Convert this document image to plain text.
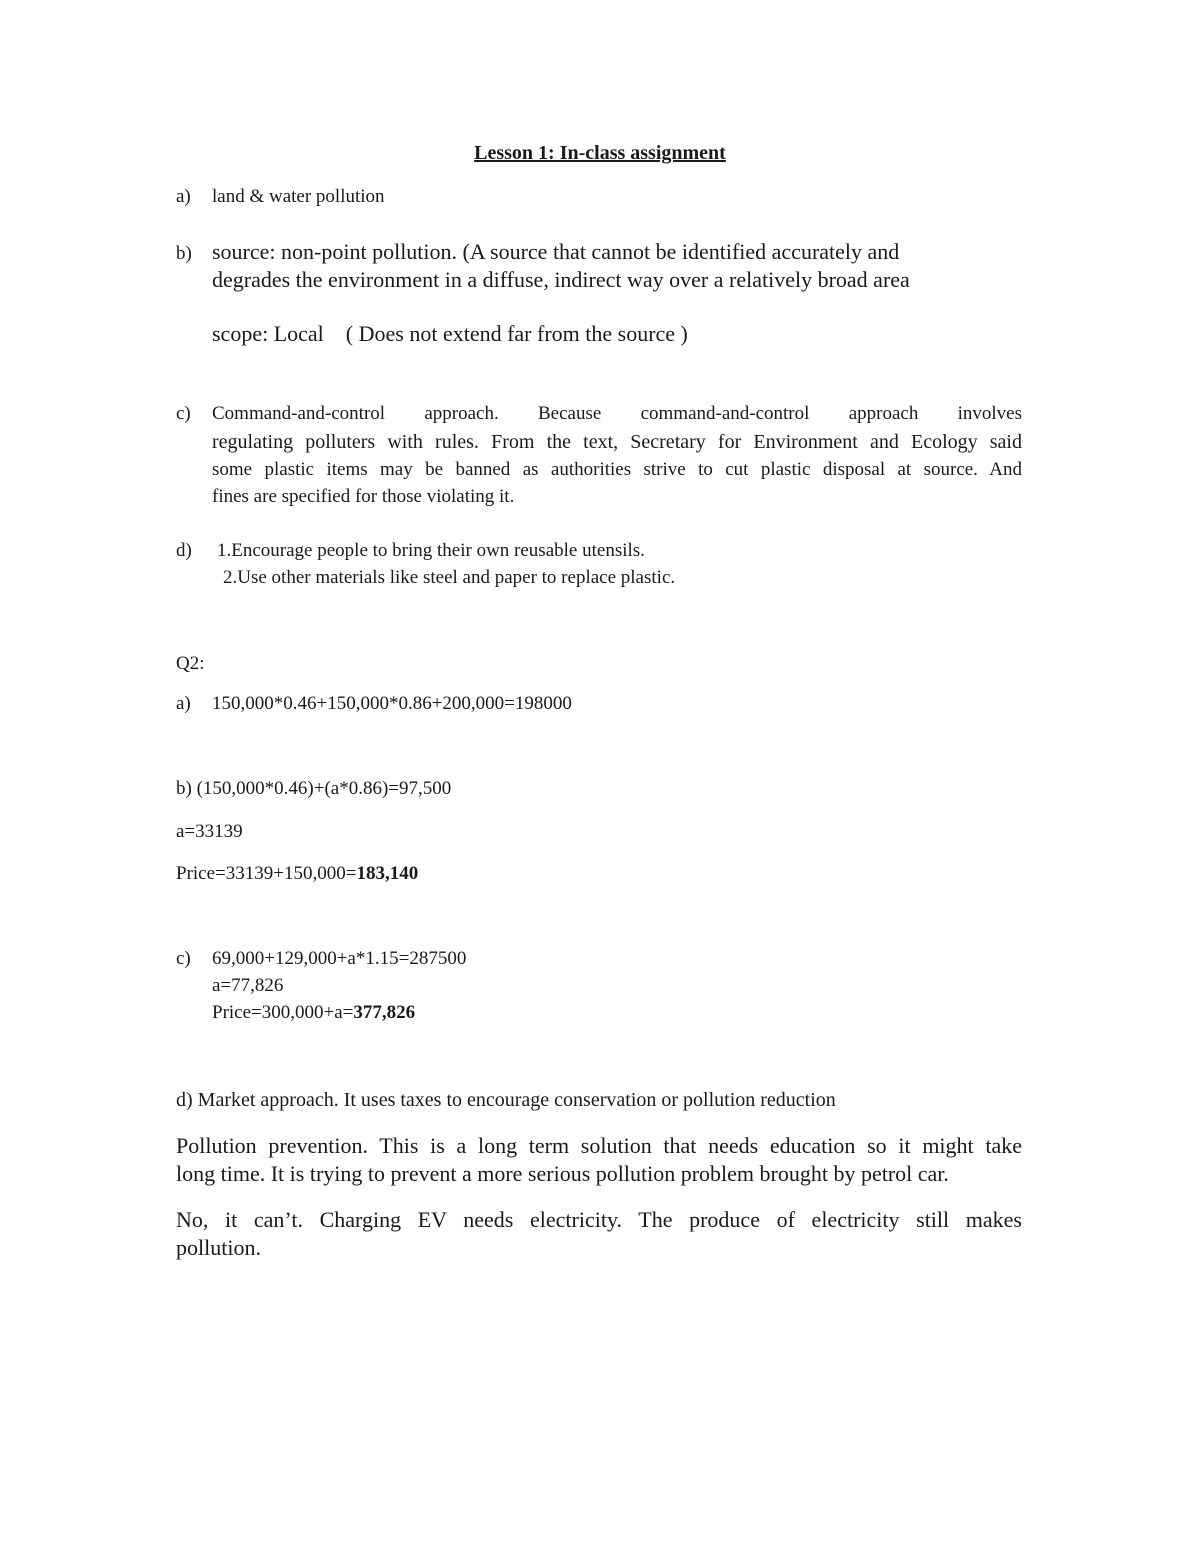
Lesson 1: In-class assignment
a) land & water pollution
b) source: non-point pollution. (A source that cannot be identified accurately and
degrades the environment in a diffuse, indirect way over a relatively broad area
scope: Local    ( Does not extend far from the source )
c)	Command-and-control approach. Because command-and-control approach involves
regulating polluters with rules. From the text, Secretary for Environment and Ecology said
some plastic items may be banned as authorities strive to cut plastic disposal at source. And
fines are specified for those violating it.
d)	1.Encourage people to bring their own reusable utensils.
2.Use other materials like steel and paper to replace plastic.
Q2:
a) 150,000*0.46+150,000*0.86+200,000=198000
b) (150,000*0.46)+(a*0.86)=97,500
a=33139
Price=33139+150,000=183,140
c) 69,000+129,000+a*1.15=287500
a=77,826
Price=300,000+a=377,826
d) Market approach. It uses taxes to encourage conservation or pollution reduction
Pollution prevention. This is a long term solution that needs education so it might take
long time. It is trying to prevent a more serious pollution problem brought by petrol car.
No, it can’t. Charging EV needs electricity. The produce of electricity still makes
pollution.
